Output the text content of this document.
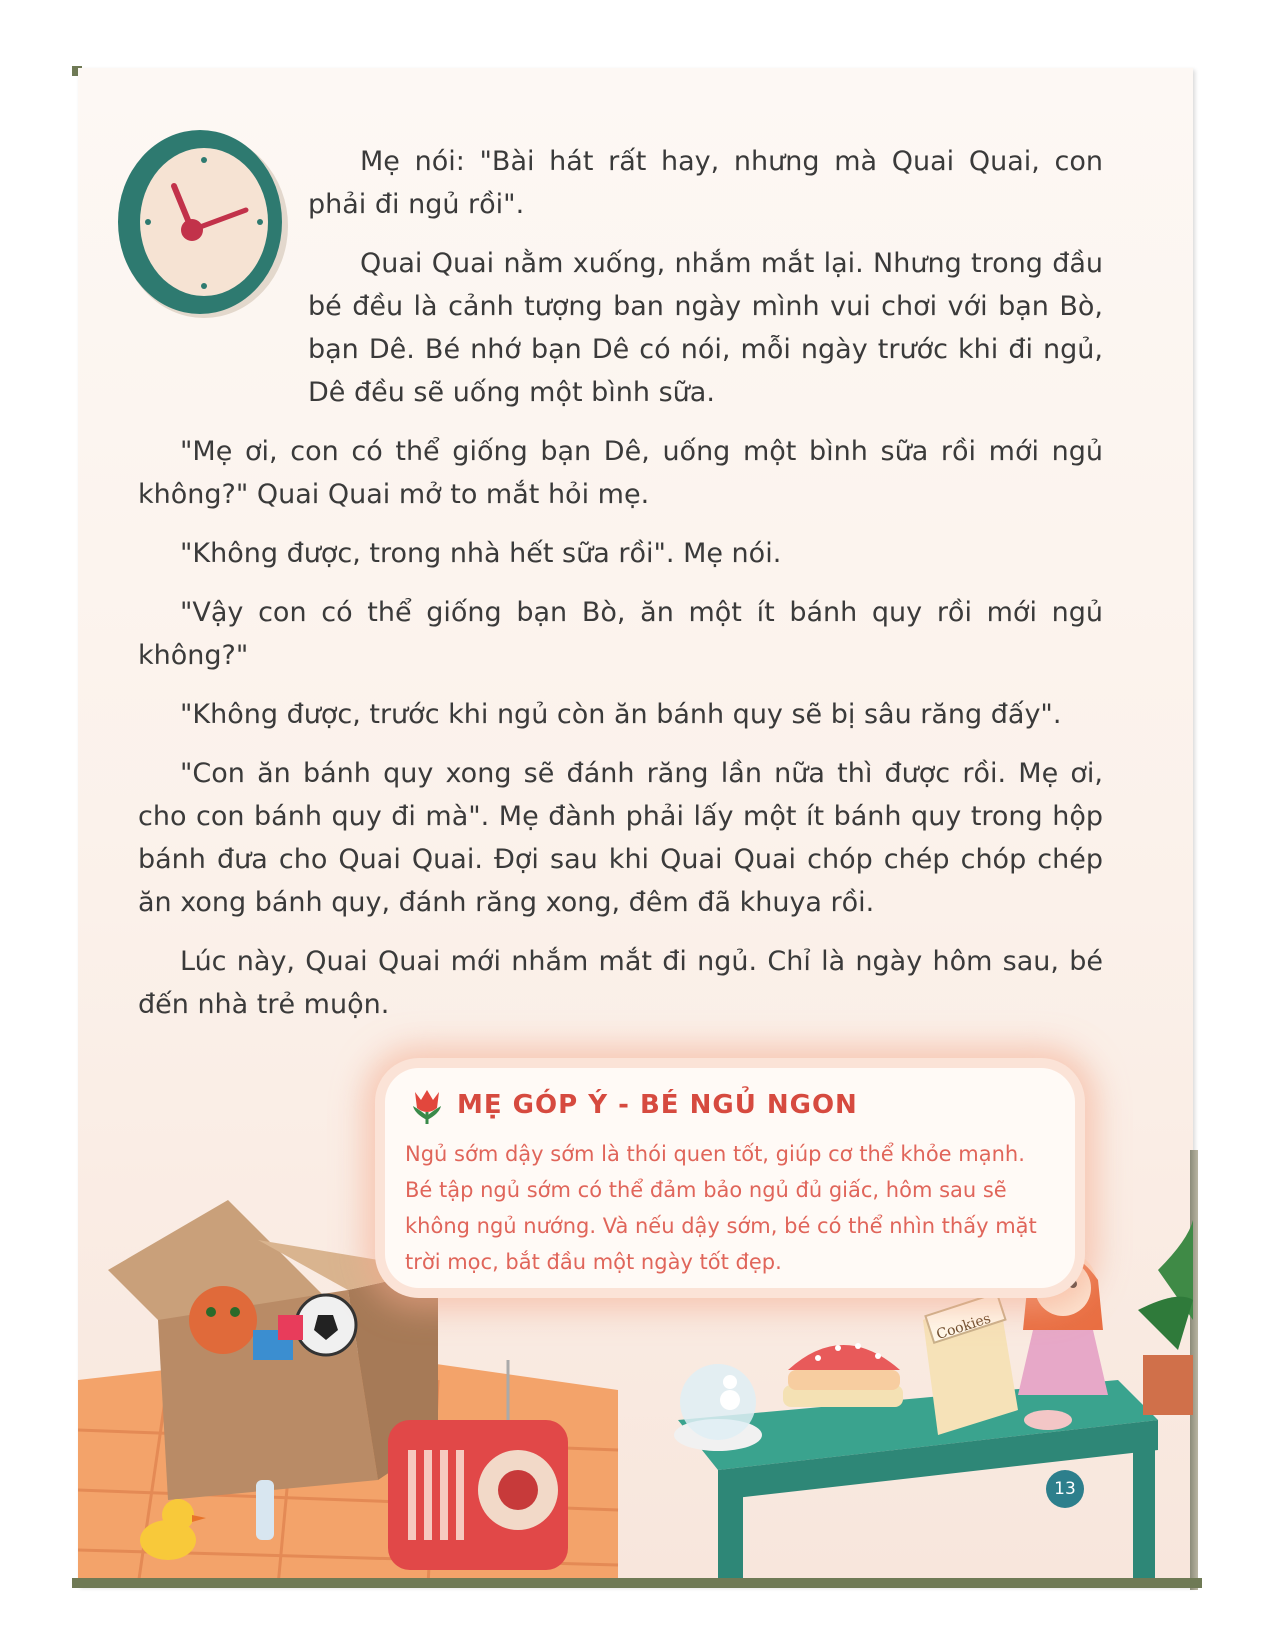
Mẹ nói: "Bài hát rất hay, nhưng mà Quai Quai, con phải đi ngủ rồi".

Quai Quai nằm xuống, nhắm mắt lại. Nhưng trong đầu bé đều là cảnh tượng ban ngày mình vui chơi với bạn Bò, bạn Dê. Bé nhớ bạn Dê có nói, mỗi ngày trước khi đi ngủ, Dê đều sẽ uống một bình sữa.

"Mẹ ơi, con có thể giống bạn Dê, uống một bình sữa rồi mới ngủ không?" Quai Quai mở to mắt hỏi mẹ.

"Không được, trong nhà hết sữa rồi". Mẹ nói.

"Vậy con có thể giống bạn Bò, ăn một ít bánh quy rồi mới ngủ không?"

"Không được, trước khi ngủ còn ăn bánh quy sẽ bị sâu răng đấy".

"Con ăn bánh quy xong sẽ đánh răng lần nữa thì được rồi. Mẹ ơi, cho con bánh quy đi mà". Mẹ đành phải lấy một ít bánh quy trong hộp bánh đưa cho Quai Quai. Đợi sau khi Quai Quai chóp chép chóp chép ăn xong bánh quy, đánh răng xong, đêm đã khuya rồi.

Lúc này, Quai Quai mới nhắm mắt đi ngủ. Chỉ là ngày hôm sau, bé đến nhà trẻ muộn.

Cookies
13
MẸ GÓP Ý - BÉ NGỦ NGON
Ngủ sớm dậy sớm là thói quen tốt, giúp cơ thể khỏe mạnh. Bé tập ngủ sớm có thể đảm bảo ngủ đủ giấc, hôm sau sẽ không ngủ nướng. Và nếu dậy sớm, bé có thể nhìn thấy mặt trời mọc, bắt đầu một ngày tốt đẹp.
